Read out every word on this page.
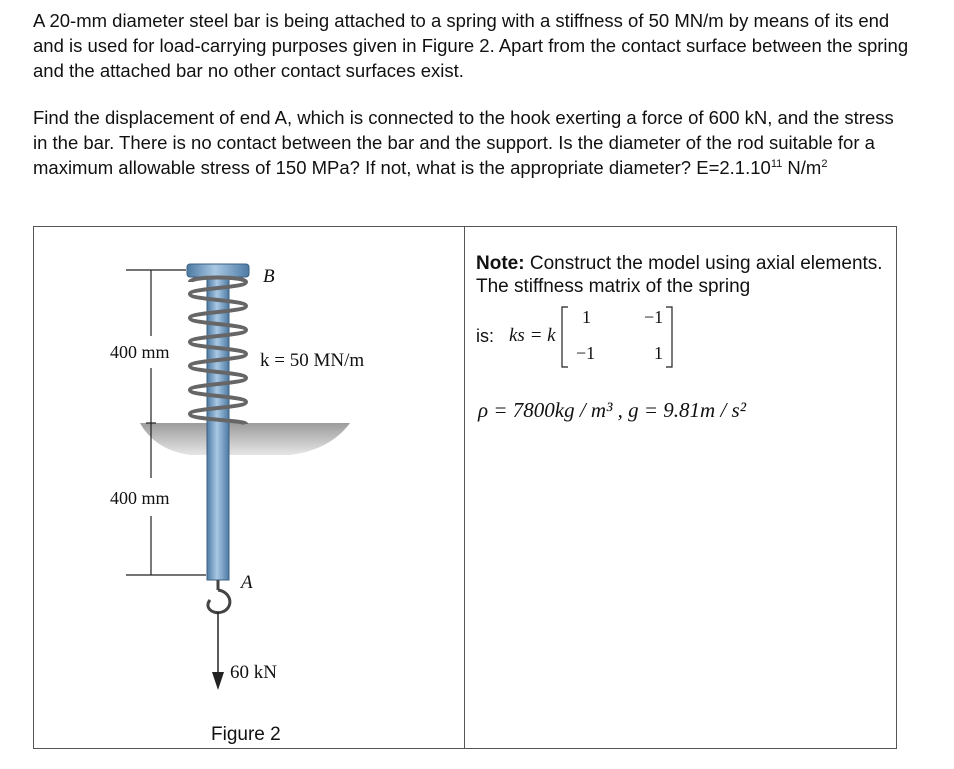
A 20-mm diameter steel bar is being attached to a spring with a stiffness of 50 MN/m by means of its end and is used for load-carrying purposes given in Figure 2. Apart from the contact surface between the spring and the attached bar no other contact surfaces exist.
Find the displacement of end A, which is connected to the hook exerting a force of 600 kN, and the stress in the bar. There is no contact between the bar and the support. Is the diameter of the rod suitable for a maximum allowable stress of 150 MPa? If not, what is the appropriate diameter? $E=2.1.10^{11}$ $N/m^2$
B
k = 50 MN/m
400 mm
400 mm
A
60 kN
Figure 2
Note: Construct the model using axial elements. The stiffness matrix of the spring
is: ks = k
1	−1
−1	1
ρ = 7800kg / m³ , g = 9.81m / s²
